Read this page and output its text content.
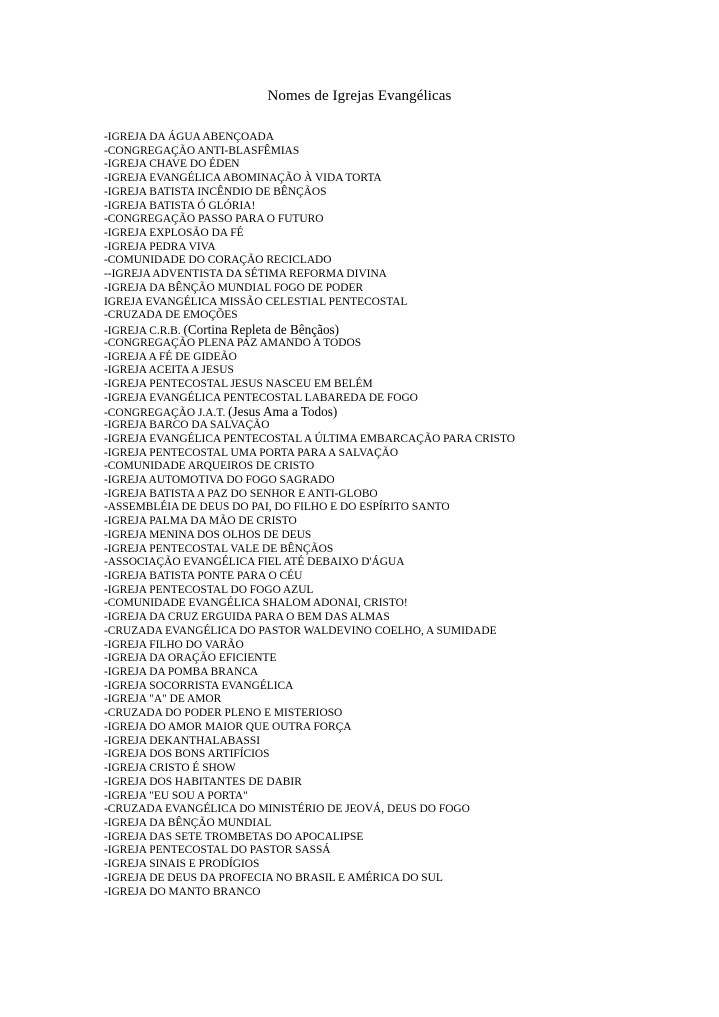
Nomes de Igrejas Evangélicas
-IGREJA DA ÁGUA ABENÇOADA
-CONGREGAÇÃO ANTI-BLASFÊMIAS
-IGREJA CHAVE DO ÉDEN
-IGREJA EVANGÉLICA ABOMINAÇÃO À VIDA TORTA
-IGREJA BATISTA INCÊNDIO DE BÊNÇÃOS
-IGREJA BATISTA Ó GLÓRIA!
-CONGREGAÇÃO PASSO PARA O FUTURO
-IGREJA EXPLOSÃO DA FÉ
-IGREJA PEDRA VIVA
-COMUNIDADE DO CORAÇÃO RECICLADO
--IGREJA ADVENTISTA DA SÉTIMA REFORMA DIVINA
-IGREJA DA BÊNÇÃO MUNDIAL FOGO DE PODER
IGREJA EVANGÉLICA MISSÃO CELESTIAL PENTECOSTAL
-CRUZADA DE EMOÇÕES
-IGREJA C.R.B. (Cortina Repleta de Bênçãos)
-CONGREGAÇÃO PLENA PAZ AMANDO A TODOS
-IGREJA A FÉ DE GIDEÃO
-IGREJA ACEITA A JESUS
-IGREJA PENTECOSTAL JESUS NASCEU EM BELÉM
-IGREJA EVANGÉLICA PENTECOSTAL LABAREDA DE FOGO
-CONGREGAÇÃO J.A.T. (Jesus Ama a Todos)
-IGREJA BARCO DA SALVAÇÃO
-IGREJA EVANGÉLICA PENTECOSTAL A ÚLTIMA EMBARCAÇÃO PARA CRISTO
-IGREJA PENTECOSTAL UMA PORTA PARA A SALVAÇÃO
-COMUNIDADE ARQUEIROS DE CRISTO
-IGREJA AUTOMOTIVA DO FOGO SAGRADO
-IGREJA BATISTA A PAZ DO SENHOR E ANTI-GLOBO
-ASSEMBLÉIA DE DEUS DO PAI, DO FILHO E DO ESPÍRITO SANTO
-IGREJA PALMA DA MÃO DE CRISTO
-IGREJA MENINA DOS OLHOS DE DEUS
-IGREJA PENTECOSTAL VALE DE BÊNÇÃOS
-ASSOCIAÇÃO EVANGÉLICA FIEL ATÉ DEBAIXO D'ÁGUA
-IGREJA BATISTA PONTE PARA O CÉU
-IGREJA PENTECOSTAL DO FOGO AZUL
-COMUNIDADE EVANGÉLICA SHALOM ADONAI, CRISTO!
-IGREJA DA CRUZ ERGUIDA PARA O BEM DAS ALMAS
-CRUZADA EVANGÉLICA DO PASTOR WALDEVINO COELHO, A SUMIDADE
-IGREJA FILHO DO VARÃO
-IGREJA DA ORAÇÃO EFICIENTE
-IGREJA DA POMBA BRANCA
-IGREJA SOCORRISTA EVANGÉLICA
-IGREJA "A" DE AMOR
-CRUZADA DO PODER PLENO E MISTERIOSO
-IGREJA DO AMOR MAIOR QUE OUTRA FORÇA
-IGREJA DEKANTHALABASSI
-IGREJA DOS BONS ARTIFÍCIOS
-IGREJA CRISTO É SHOW
-IGREJA DOS HABITANTES DE DABIR
-IGREJA "EU SOU A PORTA"
-CRUZADA EVANGÉLICA DO MINISTÉRIO DE JEOVÁ, DEUS DO FOGO
-IGREJA DA BÊNÇÃO MUNDIAL
-IGREJA DAS SETE TROMBETAS DO APOCALIPSE
-IGREJA PENTECOSTAL DO PASTOR SASSÁ
-IGREJA SINAIS E PRODÍGIOS
-IGREJA DE DEUS DA PROFECIA NO BRASIL E AMÉRICA DO SUL
-IGREJA DO MANTO BRANCO
